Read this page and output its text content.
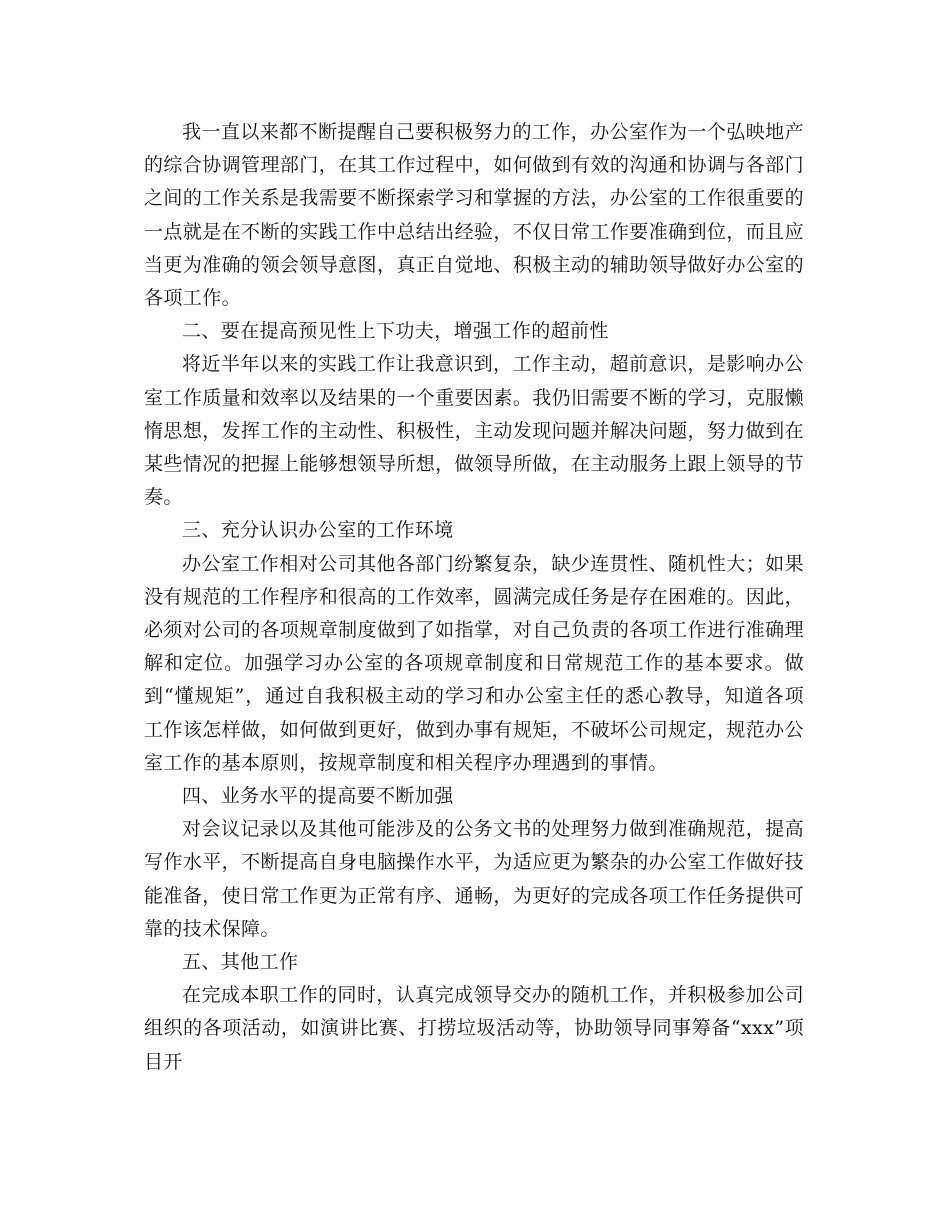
我一直以来都不断提醒自己要积极努力的工作，办公室作为一个弘映地产的综合协调管理部门，在其工作过程中，如何做到有效的沟通和协调与各部门之间的工作关系是我需要不断探索学习和掌握的方法，办公室的工作很重要的一点就是在不断的实践工作中总结出经验，不仅日常工作要准确到位，而且应当更为准确的领会领导意图，真正自觉地、积极主动的辅助领导做好办公室的各项工作。

二、要在提高预见性上下功夫，增强工作的超前性

将近半年以来的实践工作让我意识到，工作主动，超前意识，是影响办公室工作质量和效率以及结果的一个重要因素。我仍旧需要不断的学习，克服懒惰思想，发挥工作的主动性、积极性，主动发现问题并解决问题，努力做到在某些情况的把握上能够想领导所想，做领导所做，在主动服务上跟上领导的节奏。

三、充分认识办公室的工作环境

办公室工作相对公司其他各部门纷繁复杂，缺少连贯性、随机性大；如果没有规范的工作程序和很高的工作效率，圆满完成任务是存在困难的。因此，必须对公司的各项规章制度做到了如指掌，对自己负责的各项工作进行准确理解和定位。加强学习办公室的各项规章制度和日常规范工作的基本要求。做到“懂规矩”，通过自我积极主动的学习和办公室主任的悉心教导，知道各项工作该怎样做，如何做到更好，做到办事有规矩，不破坏公司规定，规范办公室工作的基本原则，按规章制度和相关程序办理遇到的事情。

四、业务水平的提高要不断加强

对会议记录以及其他可能涉及的公务文书的处理努力做到准确规范，提高写作水平，不断提高自身电脑操作水平，为适应更为繁杂的办公室工作做好技能准备，使日常工作更为正常有序、通畅，为更好的完成各项工作任务提供可靠的技术保障。

五、其他工作

在完成本职工作的同时，认真完成领导交办的随机工作，并积极参加公司组织的各项活动，如演讲比赛、打捞垃圾活动等，协助领导同事筹备“xxx”项目开
